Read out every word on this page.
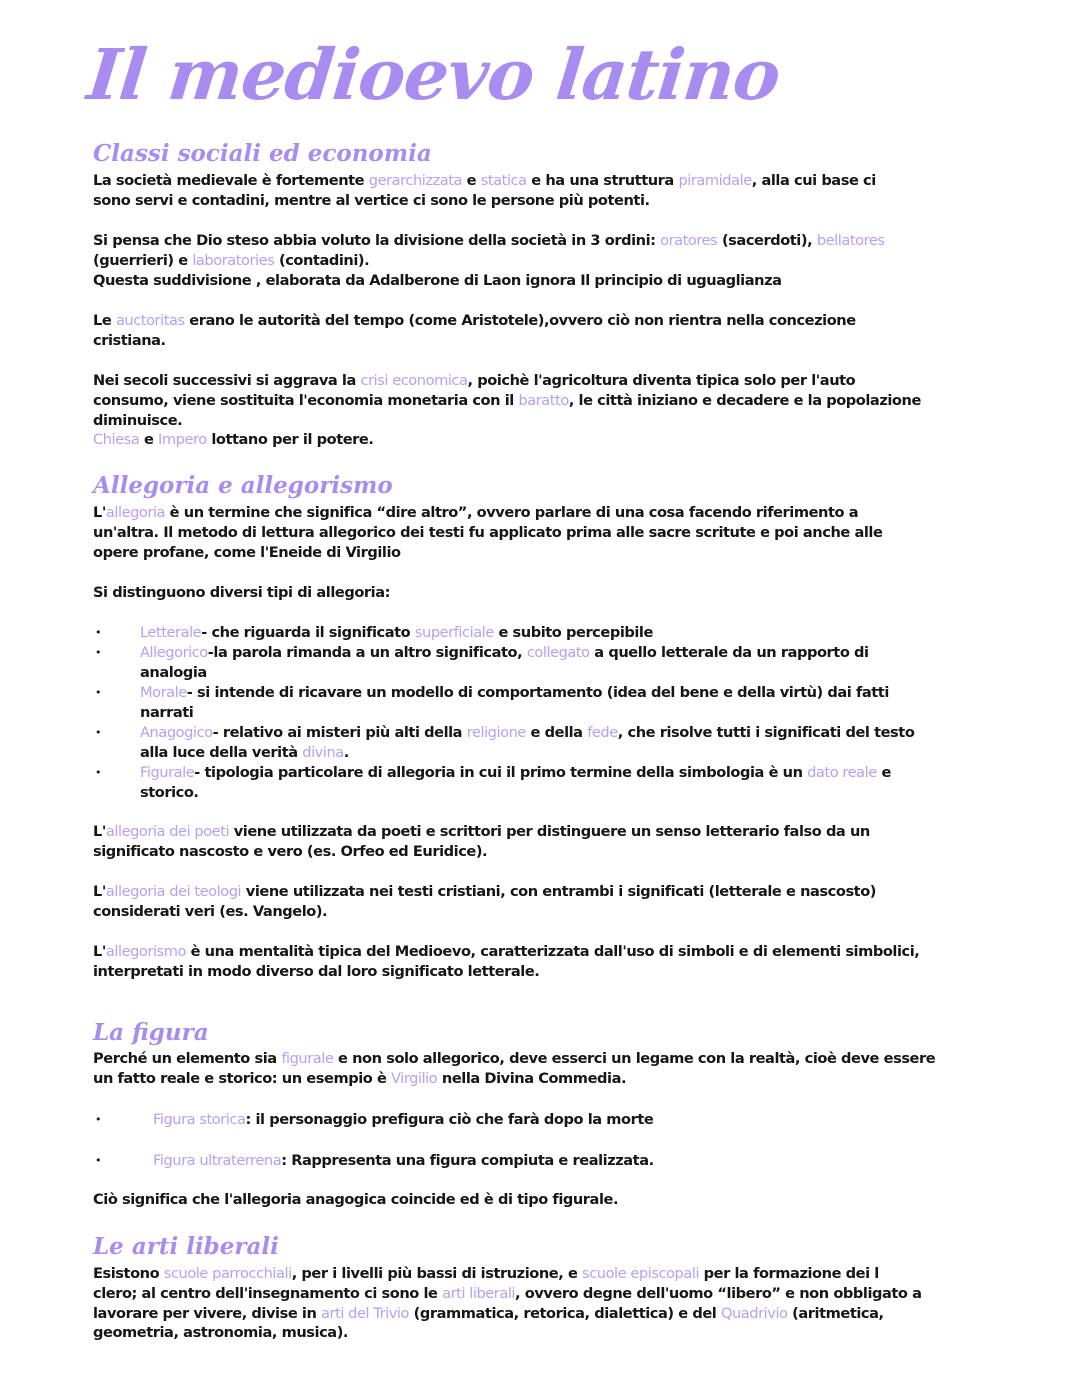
Il medioevo latino
Classi sociali ed economia

La società medievale è fortemente gerarchizzata e statica e ha una struttura piramidale, alla cui base ci
sono servi e contadini, mentre al vertice ci sono le persone più potenti.

Si pensa che Dio steso abbia voluto la divisione della società in 3 ordini: oratores (sacerdoti), bellatores
(guerrieri) e laboratories (contadini).
Questa suddivisione , elaborata da Adalberone di Laon ignora Il principio di uguaglianza

Le auctoritas erano le autorità del tempo (come Aristotele),ovvero ciò non rientra nella concezione
cristiana.

Nei secoli successivi si aggrava la crisi economica, poichè l'agricoltura diventa tipica solo per l'auto
consumo, viene sostituita l'economia monetaria con il baratto, le città iniziano e decadere e la popolazione
diminuisce.
Chiesa e Impero lottano per il potere.

Allegoria e allegorismo

L'allegoria è un termine che significa “dire altro”, ovvero parlare di una cosa facendo riferimento a
un'altra. Il metodo di lettura allegorico dei testi fu applicato prima alle sacre scritute e poi anche alle
opere profane, come l'Eneide di Virgilio

Si distinguono diversi tipi di allegoria:

•	Letterale- che riguarda il significato superficiale e subito percepibile

•	Allegorico-la parola rimanda a un altro significato, collegato a quello letterale da un rapporto di
analogia

•	Morale- si intende di ricavare un modello di comportamento (idea del bene e della virtù) dai fatti
narrati

•	Anagogico- relativo ai misteri più alti della religione e della fede, che risolve tutti i significati del testo
alla luce della verità divina.

•	Figurale- tipologia particolare di allegoria in cui il primo termine della simbologia è un dato reale e
storico.

L'allegoria dei poeti viene utilizzata da poeti e scrittori per distinguere un senso letterario falso da un
significato nascosto e vero (es. Orfeo ed Euridice).

L'allegoria dei teologi viene utilizzata nei testi cristiani, con entrambi i significati (letterale e nascosto)
considerati veri (es. Vangelo).

L'allegorismo è una mentalità tipica del Medioevo, caratterizzata dall'uso di simboli e di elementi simbolici,
interpretati in modo diverso dal loro significato letterale.

La figura

Perché un elemento sia figurale e non solo allegorico, deve esserci un legame con la realtà, cioè deve essere
un fatto reale e storico: un esempio è Virgilio nella Divina Commedia.

•	Figura storica: il personaggio prefigura ciò che farà dopo la morte

•	Figura ultraterrena: Rappresenta una figura compiuta e realizzata.

Ciò significa che l'allegoria anagogica coincide ed è di tipo figurale.

Le arti liberali

Esistono scuole parrocchiali, per i livelli più bassi di istruzione, e scuole episcopali per la formazione dei l
clero; al centro dell'insegnamento ci sono le arti liberali, ovvero degne dell'uomo “libero” e non obbligato a
lavorare per vivere, divise in arti del Trivio (grammatica, retorica, dialettica) e del Quadrivio (aritmetica,
geometria, astronomia, musica).
